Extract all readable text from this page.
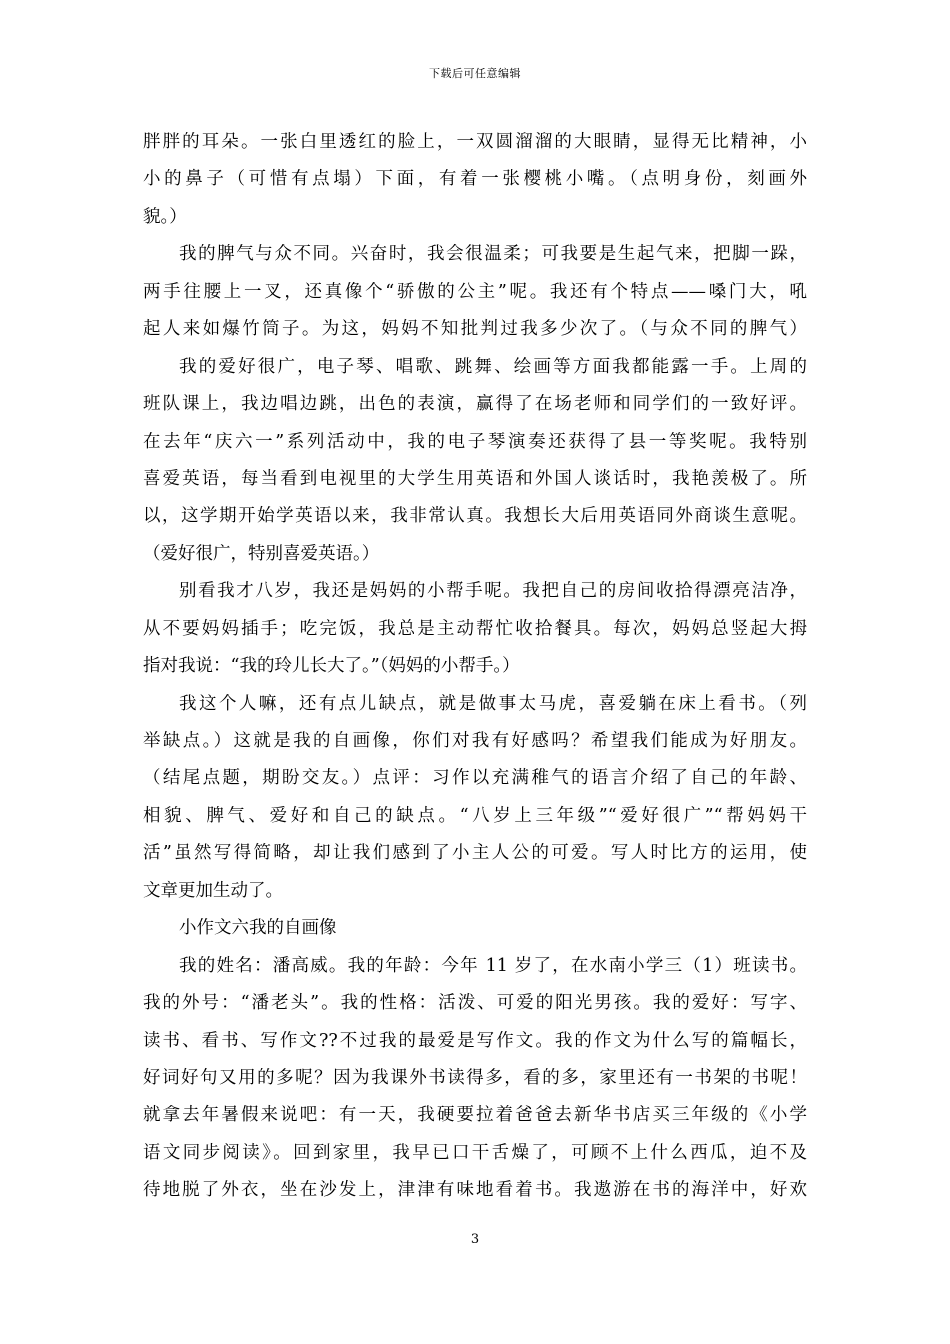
下载后可任意编辑
胖胖的耳朵。一张白里透红的脸上，一双圆溜溜的大眼睛，显得无比精神，小
小的鼻子（可惜有点塌）下面，有着一张樱桃小嘴。（点明身份，刻画外
貌。）
我的脾气与众不同。兴奋时，我会很温柔；可我要是生起气来，把脚一跺，
两手往腰上一叉，还真像个“骄傲的公主”呢。我还有个特点——嗓门大，吼
起人来如爆竹筒子。为这，妈妈不知批判过我多少次了。（与众不同的脾气）
我的爱好很广，电子琴、唱歌、跳舞、绘画等方面我都能露一手。上周的
班队课上，我边唱边跳，出色的表演，赢得了在场老师和同学们的一致好评。
在去年“庆六一”系列活动中，我的电子琴演奏还获得了县一等奖呢。我特别
喜爱英语，每当看到电视里的大学生用英语和外国人谈话时，我艳羡极了。所
以，这学期开始学英语以来，我非常认真。我想长大后用英语同外商谈生意呢。
（爱好很广，特别喜爱英语。）
别看我才八岁，我还是妈妈的小帮手呢。我把自己的房间收拾得漂亮洁净，
从不要妈妈插手；吃完饭，我总是主动帮忙收拾餐具。每次，妈妈总竖起大拇
指对我说：“我的玲儿长大了。”（妈妈的小帮手。）
我这个人嘛，还有点儿缺点，就是做事太马虎，喜爱躺在床上看书。（列
举缺点。）这就是我的自画像，你们对我有好感吗？希望我们能成为好朋友。
（结尾点题，期盼交友。）点评：习作以充满稚气的语言介绍了自己的年龄、
相貌、脾气、爱好和自己的缺点。“八岁上三年级”“爱好很广”“帮妈妈干
活”虽然写得简略，却让我们感到了小主人公的可爱。写人时比方的运用，使
文章更加生动了。
小作文六我的自画像
我的姓名：潘高威。我的年龄：今年 11 岁了，在水南小学三（1）班读书。
我的外号：“潘老头”。我的性格：活泼、可爱的阳光男孩。我的爱好：写字、
读书、看书、写作文??不过我的最爱是写作文。我的作文为什么写的篇幅长，
好词好句又用的多呢？因为我课外书读得多，看的多，家里还有一书架的书呢！
就拿去年暑假来说吧：有一天，我硬要拉着爸爸去新华书店买三年级的《小学
语文同步阅读》。回到家里，我早已口干舌燥了，可顾不上什么西瓜，迫不及
待地脱了外衣，坐在沙发上，津津有味地看着书。我遨游在书的海洋中，好欢
3
